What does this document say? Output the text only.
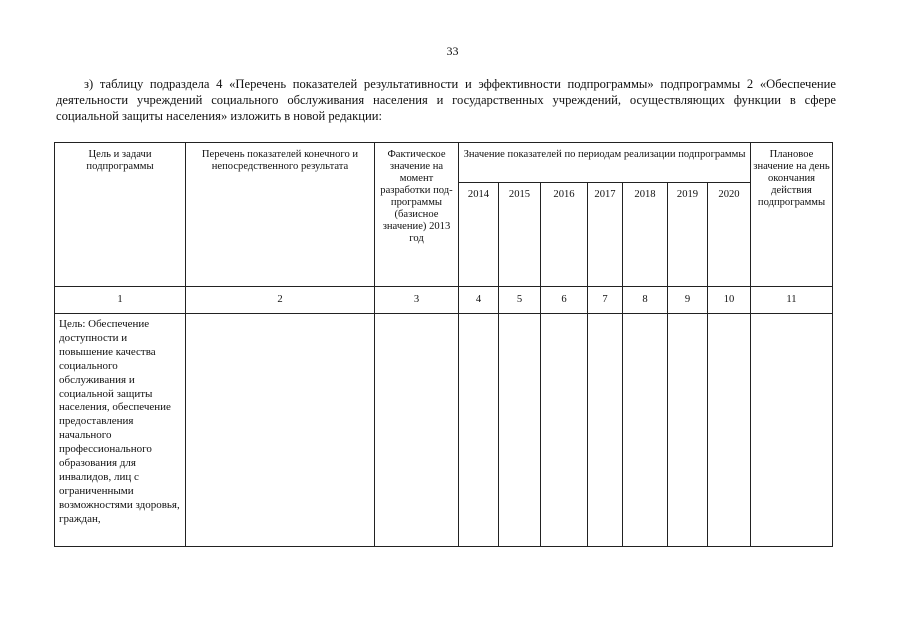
33

з) таблицу подраздела 4 «Перечень показателей результативности и эффективности подпрограммы» подпрограммы 2 «Обеспечение деятельности учреждений социального обслуживания населения и государственных учреждений, осуществляющих функции в сфере социальной защиты населения» изложить в новой редакции:

Цель и задачи подпрограммы	Перечень показателей конечного и непосредственного результата	Фактическое значение на момент разработки под-программы (базисное значение) 2013 год	Значение показателей по периодам реализации подпрограммы							Плановое значение на день окончания действия подпрограммы
			2014	2015	2016	2017	2018	2019	2020	
1	2	3	4	5	6	7	8	9	10	11
Цель: Обеспечение доступности и повышение качества социального обслуживания и социальной защиты населения, обеспечение предоставления начального профессионального образования для инвалидов, лиц с ограниченными возможностями здоровья, граждан,										
